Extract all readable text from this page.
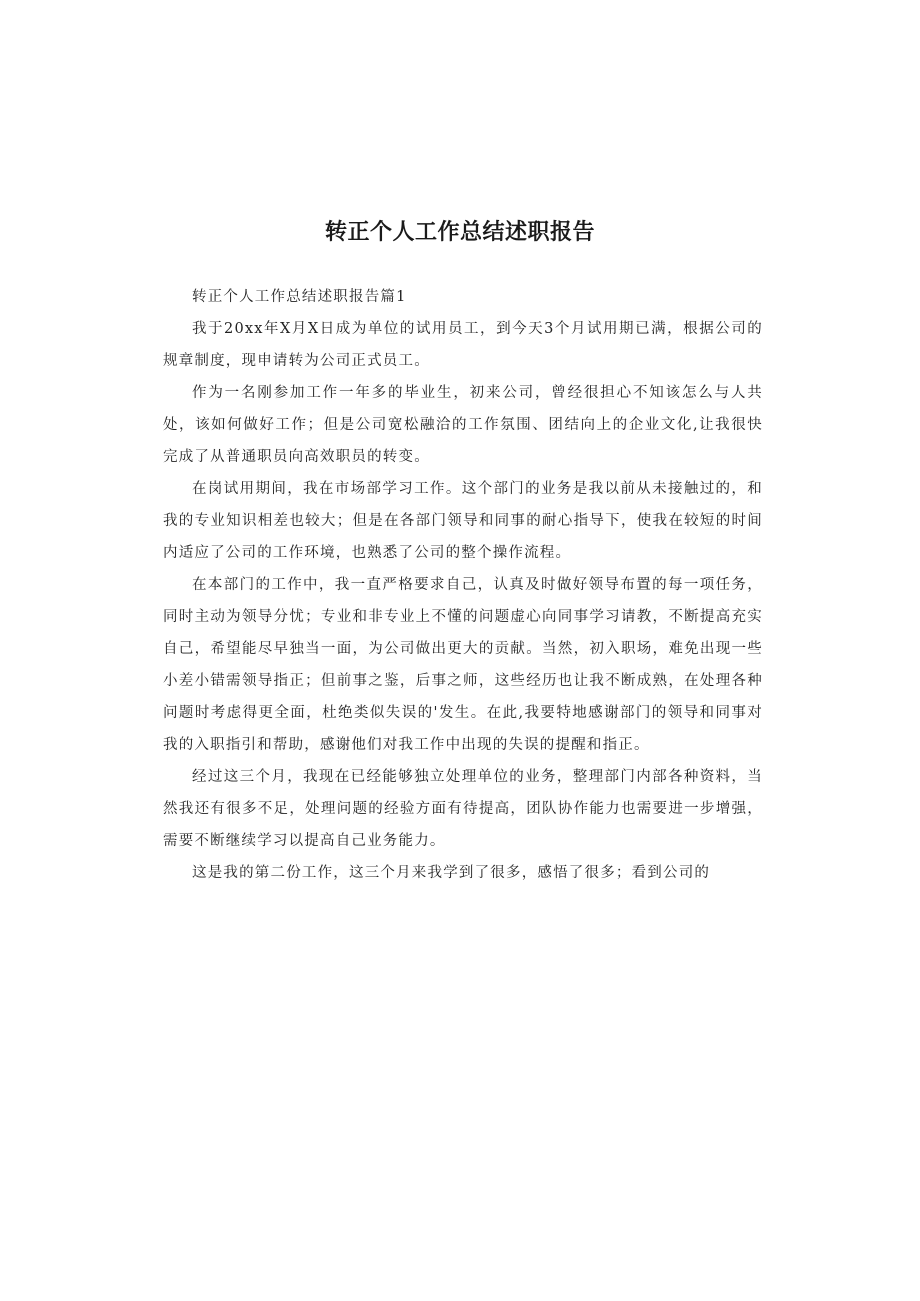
转正个人工作总结述职报告

转正个人工作总结述职报告篇1

我于20xx年X月X日成为单位的试用员工，到今天3个月试用期已满，根据公司的规章制度，现申请转为公司正式员工。

作为一名刚参加工作一年多的毕业生，初来公司，曾经很担心不知该怎么与人共处，该如何做好工作；但是公司宽松融洽的工作氛围、团结向上的企业文化,让我很快完成了从普通职员向高效职员的转变。

在岗试用期间，我在市场部学习工作。这个部门的业务是我以前从未接触过的，和我的专业知识相差也较大；但是在各部门领导和同事的耐心指导下，使我在较短的时间内适应了公司的工作环境，也熟悉了公司的整个操作流程。

在本部门的工作中，我一直严格要求自己，认真及时做好领导布置的每一项任务，同时主动为领导分忧；专业和非专业上不懂的问题虚心向同事学习请教，不断提高充实自己，希望能尽早独当一面，为公司做出更大的贡献。当然，初入职场，难免出现一些小差小错需领导指正；但前事之鉴，后事之师，这些经历也让我不断成熟，在处理各种问题时考虑得更全面，杜绝类似失误的'发生。在此,我要特地感谢部门的领导和同事对我的入职指引和帮助，感谢他们对我工作中出现的失误的提醒和指正。

经过这三个月，我现在已经能够独立处理单位的业务，整理部门内部各种资料，当然我还有很多不足，处理问题的经验方面有待提高，团队协作能力也需要进一步增强，需要不断继续学习以提高自己业务能力。

这是我的第二份工作，这三个月来我学到了很多，感悟了很多；看到公司的
